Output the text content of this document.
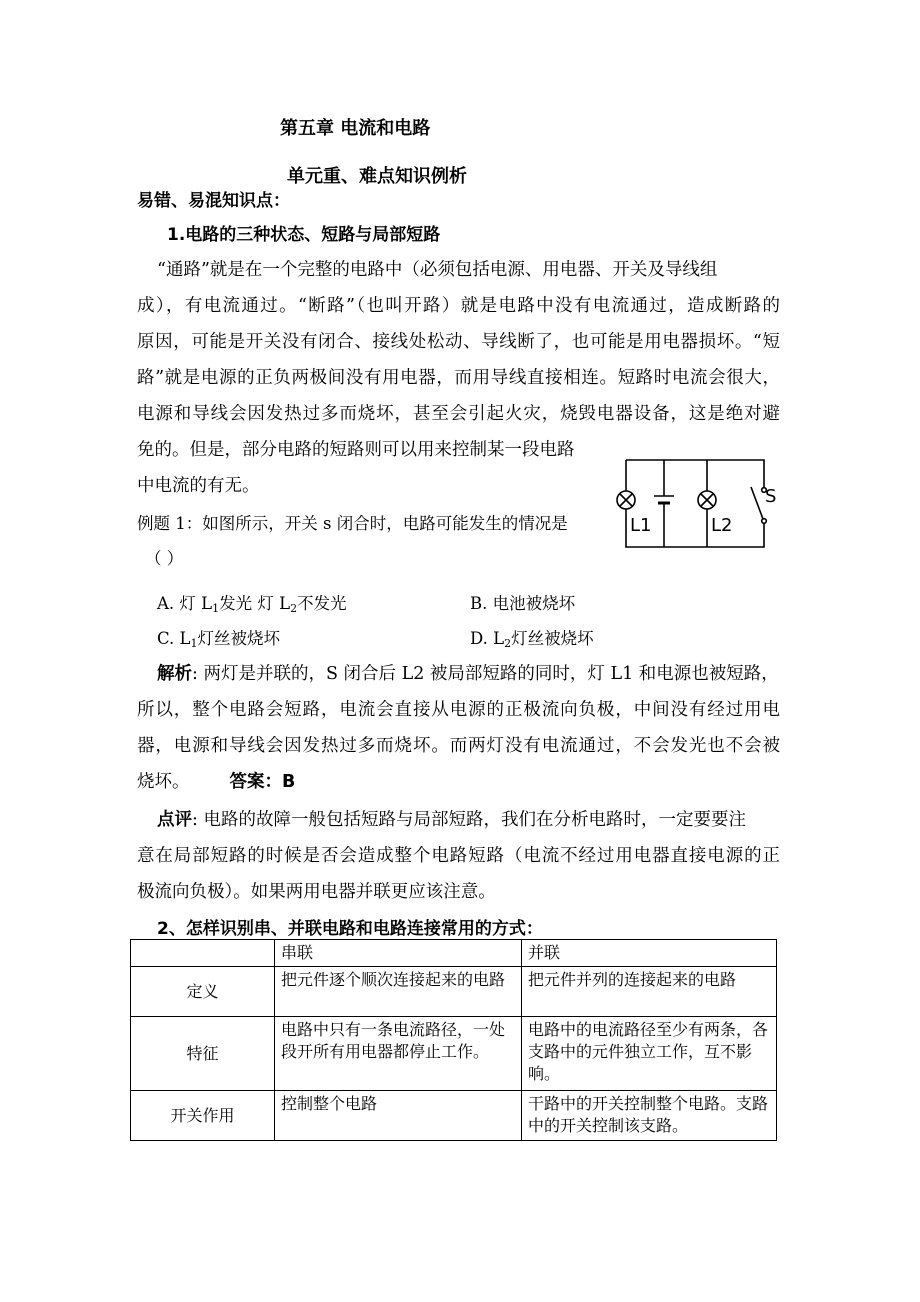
第五章 电流和电路
单元重、难点知识例析
易错、易混知识点：
1.电路的三种状态、短路与局部短路
“通路”就是在一个完整的电路中（必须包括电源、用电器、开关及导线组
成），有电流通过。“断路”（也叫开路）就是电路中没有电流通过，造成断路的
原因，可能是开关没有闭合、接线处松动、导线断了，也可能是用电器损坏。“短
路”就是电源的正负两极间没有用电器，而用导线直接相连。短路时电流会很大，
电源和导线会因发热过多而烧坏，甚至会引起火灾，烧毁电器设备，这是绝对避
免的。但是，部分电路的短路则可以用来控制某一段电路
中电流的有无。
例题 1：如图所示，开关 s 闭合时，电路可能发生的情况是
（ ）
A. 灯 $L_1$发光 灯 $L_2$不发光	B. 电池被烧坏
C. $L_1$灯丝被烧坏	D. $L_2$灯丝被烧坏
解析: 两灯是并联的，S 闭合后 L2 被局部短路的同时，灯 L1 和电源也被短路，
所以，整个电路会短路，电流会直接从电源的正极流向负极，中间没有经过用电
器，电源和导线会因发热过多而烧坏。而两灯没有电流通过，不会发光也不会被
烧坏。 答案：B
点评: 电路的故障一般包括短路与局部短路，我们在分析电路时，一定要要注
意在局部短路的时候是否会造成整个电路短路（电流不经过用电器直接电源的正
极流向负极）。如果两用电器并联更应该注意。
2、怎样识别串、并联电路和电路连接常用的方式：
L1	L2
S
	串联	并联
定义	把元件逐个顺次连接起来的电路	把元件并列的连接起来的电路
特征	电路中只有一条电流路径，一处段开所有用电器都停止工作。	电路中的电流路径至少有两条，各支路中的元件独立工作，互不影响。
开关作用	控制整个电路	干路中的开关控制整个电路。支路中的开关控制该支路。
